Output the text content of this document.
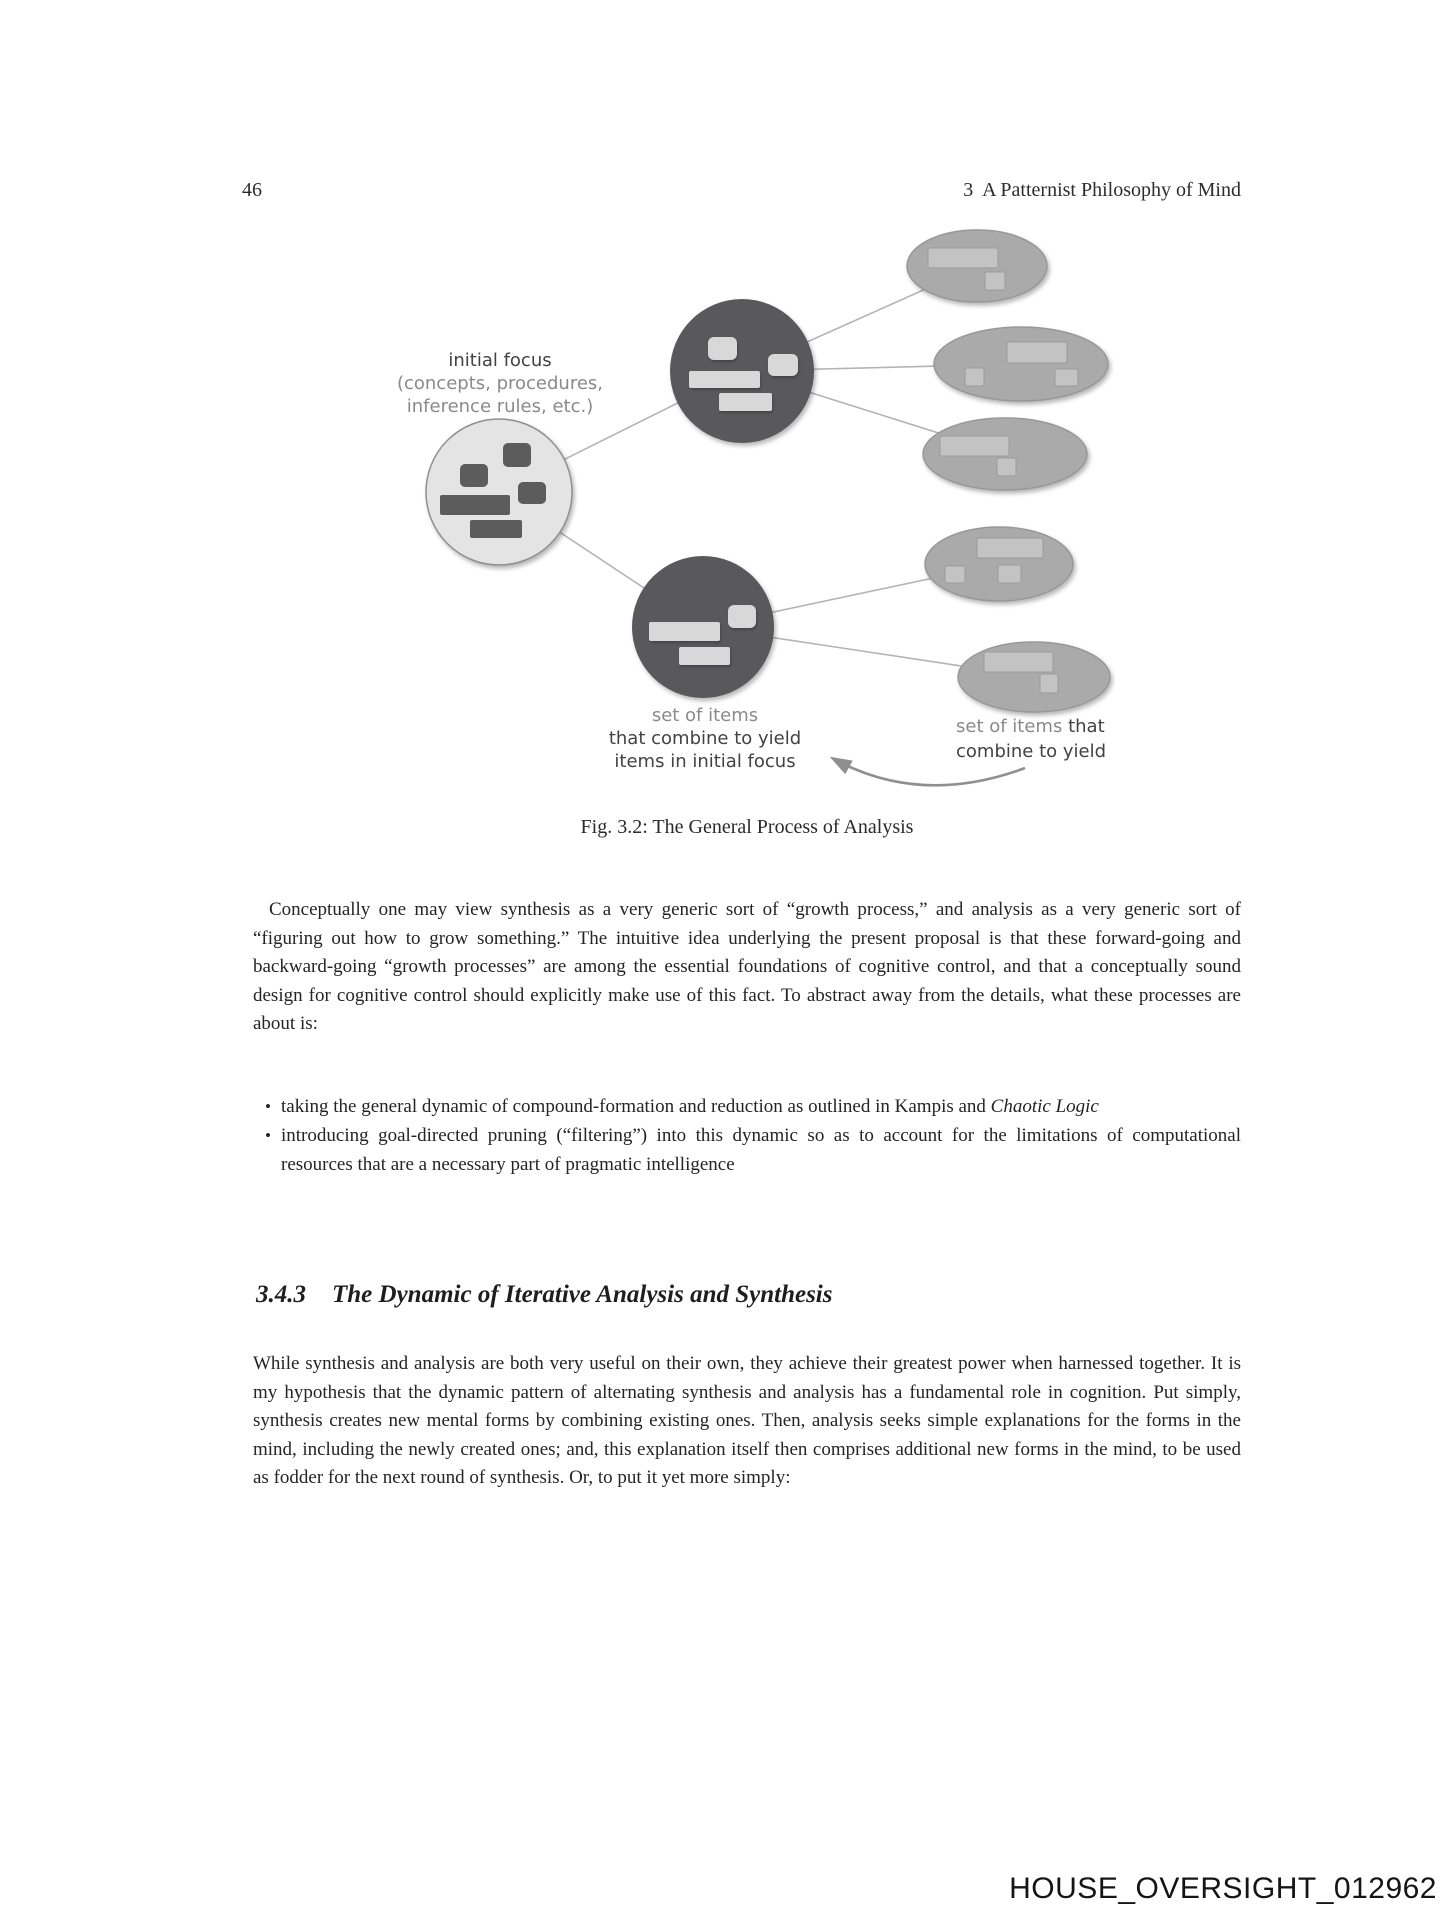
46	3  A Patternist Philosophy of Mind
initial focus
(concepts, procedures,
inference rules, etc.)
set of items
that combine to yield
items in initial focus
set of items that
combine to yield
Fig. 3.2: The General Process of Analysis

Conceptually one may view synthesis as a very generic sort of “growth process,” and analysis as a very generic sort of “figuring out how to grow something.” The intuitive idea underlying the present proposal is that these forward-going and backward-going “growth processes” are among the essential foundations of cognitive control, and that a conceptually sound design for cognitive control should explicitly make use of this fact. To abstract away from the details, what these processes are about is:

• taking the general dynamic of compound-formation and reduction as outlined in Kampis and Chaotic Logic
• introducing goal-directed pruning (“filtering”) into this dynamic so as to account for the limitations of computational resources that are a necessary part of pragmatic intelligence
3.4.3 The Dynamic of Iterative Analysis and Synthesis

While synthesis and analysis are both very useful on their own, they achieve their greatest power when harnessed together. It is my hypothesis that the dynamic pattern of alternating synthesis and analysis has a fundamental role in cognition. Put simply, synthesis creates new mental forms by combining existing ones. Then, analysis seeks simple explanations for the forms in the mind, including the newly created ones; and, this explanation itself then comprises additional new forms in the mind, to be used as fodder for the next round of synthesis. Or, to put it yet more simply:

HOUSE_OVERSIGHT_012962
